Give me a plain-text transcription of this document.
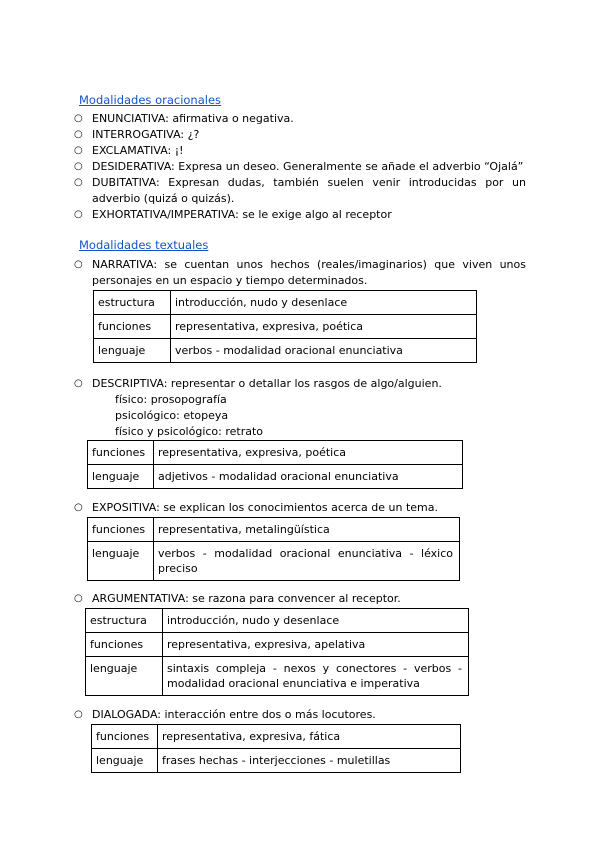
Modalidades oracionales
○ ENUNCIATIVA: afirmativa o negativa.
○ INTERROGATIVA: ¿?
○ EXCLAMATIVA: ¡!
○ DESIDERATIVA: Expresa un deseo. Generalmente se añade el adverbio “Ojalá”
○ DUBITATIVA: Expresan dudas, también suelen venir introducidas por un adverbio (quizá o quizás).
○ EXHORTATIVA/IMPERATIVA: se le exige algo al receptor
Modalidades textuales
○ NARRATIVA: se cuentan unos hechos (reales/imaginarios) que viven unos personajes en un espacio y tiempo determinados.
estructura	introducción, nudo y desenlace
funciones	representativa, expresiva, poética
lenguaje	verbos - modalidad oracional enunciativa
○ DESCRIPTIVA: representar o detallar los rasgos de algo/alguien.
físico: prosopografía
psicológico: etopeya
físico y psicológico: retrato
funciones	representativa, expresiva, poética
lenguaje	adjetivos - modalidad oracional enunciativa
○ EXPOSITIVA: se explican los conocimientos acerca de un tema.
funciones	representativa, metalingüística
lenguaje	verbos - modalidad oracional enunciativa - léxico preciso
○ ARGUMENTATIVA: se razona para convencer al receptor.
estructura	introducción, nudo y desenlace
funciones	representativa, expresiva, apelativa
lenguaje	sintaxis compleja - nexos y conectores - verbos - modalidad oracional enunciativa e imperativa
○ DIALOGADA: interacción entre dos o más locutores.
funciones	representativa, expresiva, fática
lenguaje	frases hechas - interjecciones - muletillas
